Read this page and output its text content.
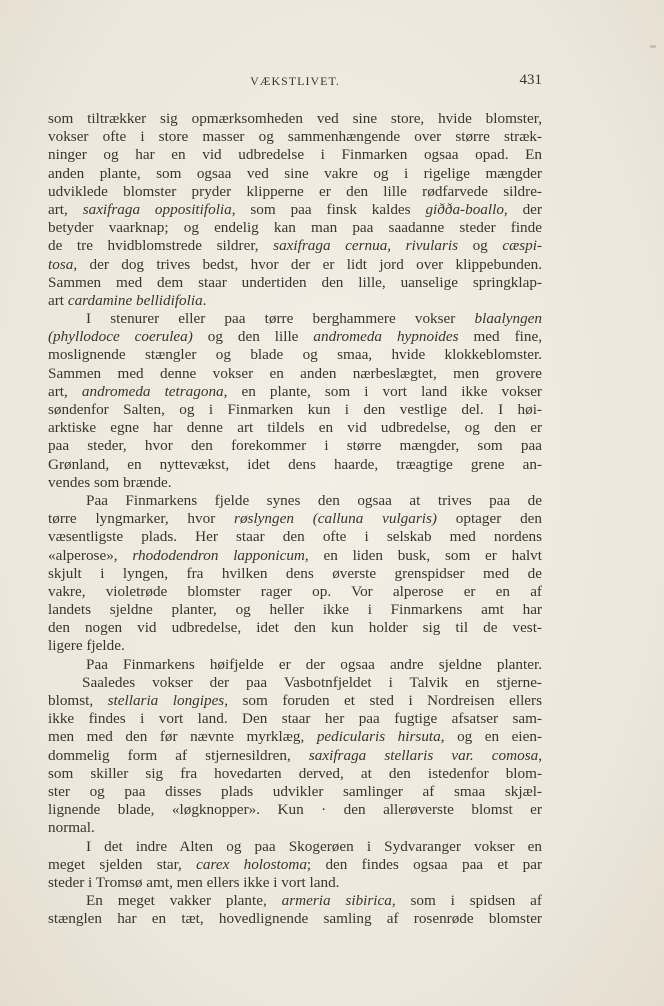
VÆKSTLIVET.	431
som tiltrækker sig opmærksomheden ved sine store, hvide blomster,
vokser ofte i store masser og sammenhængende over større stræk-
ninger og har en vid udbredelse i Finmarken ogsaa opad. En
anden plante, som ogsaa ved sine vakre og i rigelige mængder
udviklede blomster pryder klipperne er den lille rødfarvede sildre-
art, saxifraga oppositifolia, som paa finsk kaldes giðða-boallo, der
betyder vaarknap; og endelig kan man paa saadanne steder finde
de tre hvidblomstrede sildrer, saxifraga cernua, rivularis og cæspi-
tosa, der dog trives bedst, hvor der er lidt jord over klippebunden.
Sammen med dem staar undertiden den lille, uanselige springklap-
art cardamine bellidifolia.
I stenurer eller paa tørre berghammere vokser blaalyngen
(phyllodoce coerulea) og den lille andromeda hypnoides med fine,
moslignende stængler og blade og smaa, hvide klokkeblomster.
Sammen med denne vokser en anden nærbeslægtet, men grovere
art, andromeda tetragona, en plante, som i vort land ikke vokser
søndenfor Salten, og i Finmarken kun i den vestlige del. I høi-
arktiske egne har denne art tildels en vid udbredelse, og den er
paa steder, hvor den forekommer i større mængder, som paa
Grønland, en nyttevækst, idet dens haarde, træagtige grene an-
vendes som brænde.
Paa Finmarkens fjelde synes den ogsaa at trives paa de
tørre lyngmarker, hvor røslyngen (calluna vulgaris) optager den
væsentligste plads. Her staar den ofte i selskab med nordens
«alperose», rhododendron lapponicum, en liden busk, som er halvt
skjult i lyngen, fra hvilken dens øverste grenspidser med de
vakre, violetrøde blomster rager op. Vor alperose er en af
landets sjeldne planter, og heller ikke i Finmarkens amt har
den nogen vid udbredelse, idet den kun holder sig til de vest-
ligere fjelde.
Paa Finmarkens høifjelde er der ogsaa andre sjeldne planter.
Saaledes vokser der paa Vasbotnfjeldet i Talvik en stjerne-
blomst, stellaria longipes, som foruden et sted i Nordreisen ellers
ikke findes i vort land. Den staar her paa fugtige afsatser sam-
men med den før nævnte myrklæg, pedicularis hirsuta, og en eien-
dommelig form af stjernesildren, saxifraga stellaris var. comosa,
som skiller sig fra hovedarten derved, at den istedenfor blom-
ster og paa disses plads udvikler samlinger af smaa skjæl-
lignende blade, «løgknopper». Kun · den allerøverste blomst er
normal.
I det indre Alten og paa Skogerøen i Sydvaranger vokser en
meget sjelden star, carex holostoma; den findes ogsaa paa et par
steder i Tromsø amt, men ellers ikke i vort land.
En meget vakker plante, armeria sibirica, som i spidsen af
stænglen har en tæt, hovedlignende samling af rosenrøde blomster
